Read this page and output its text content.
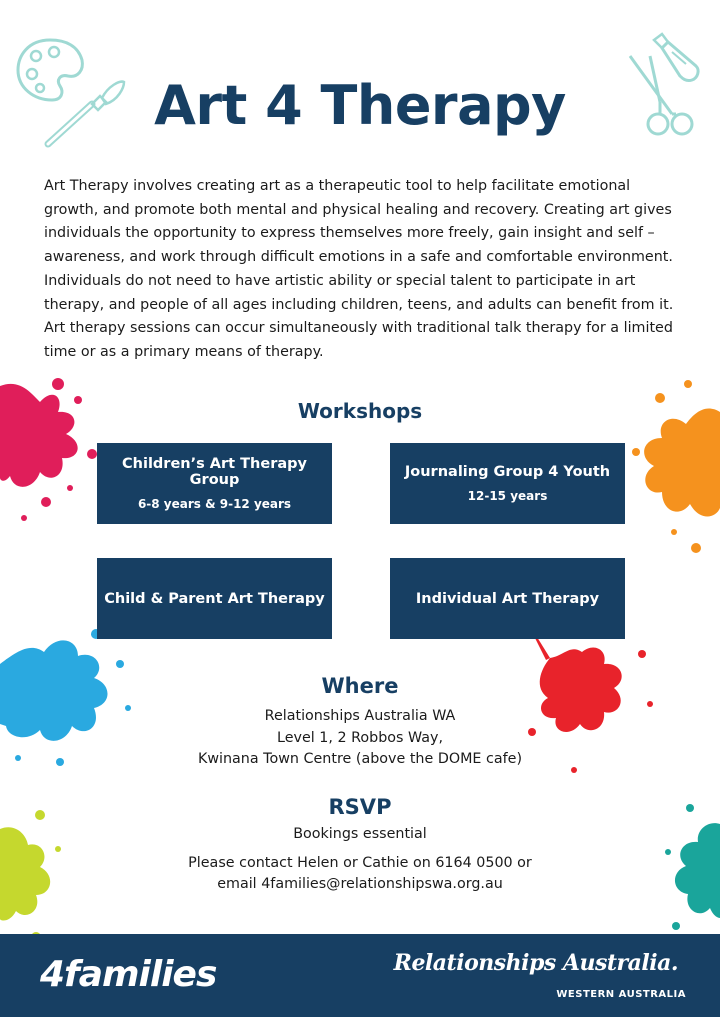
Art 4 Therapy

Art Therapy involves creating art as a therapeutic tool to help facilitate emotional growth, and promote both mental and physical healing and recovery. Creating art gives individuals the opportunity to express themselves more freely, gain insight and self – awareness, and work through difficult emotions in a safe and comfortable environment. Individuals do not need to have artistic ability or special talent to participate in art therapy, and people of all ages including children, teens, and adults can benefit from it. Art therapy sessions can occur simultaneously with traditional talk therapy for a limited time or as a primary means of therapy.

Workshops
Children’s Art Therapy Group
6-8 years & 9-12 years
Journaling Group 4 Youth
12-15 years
Child & Parent Art Therapy	Individual Art Therapy
Where
Relationships Australia WA
Level 1, 2 Robbos Way,
Kwinana Town Centre (above the DOME cafe)
RSVP
Bookings essential
Please contact Helen or Cathie on 6164 0500 or
email 4families@relationshipswa.org.au
4families	Relationships Australia.
WESTERN AUSTRALIA
